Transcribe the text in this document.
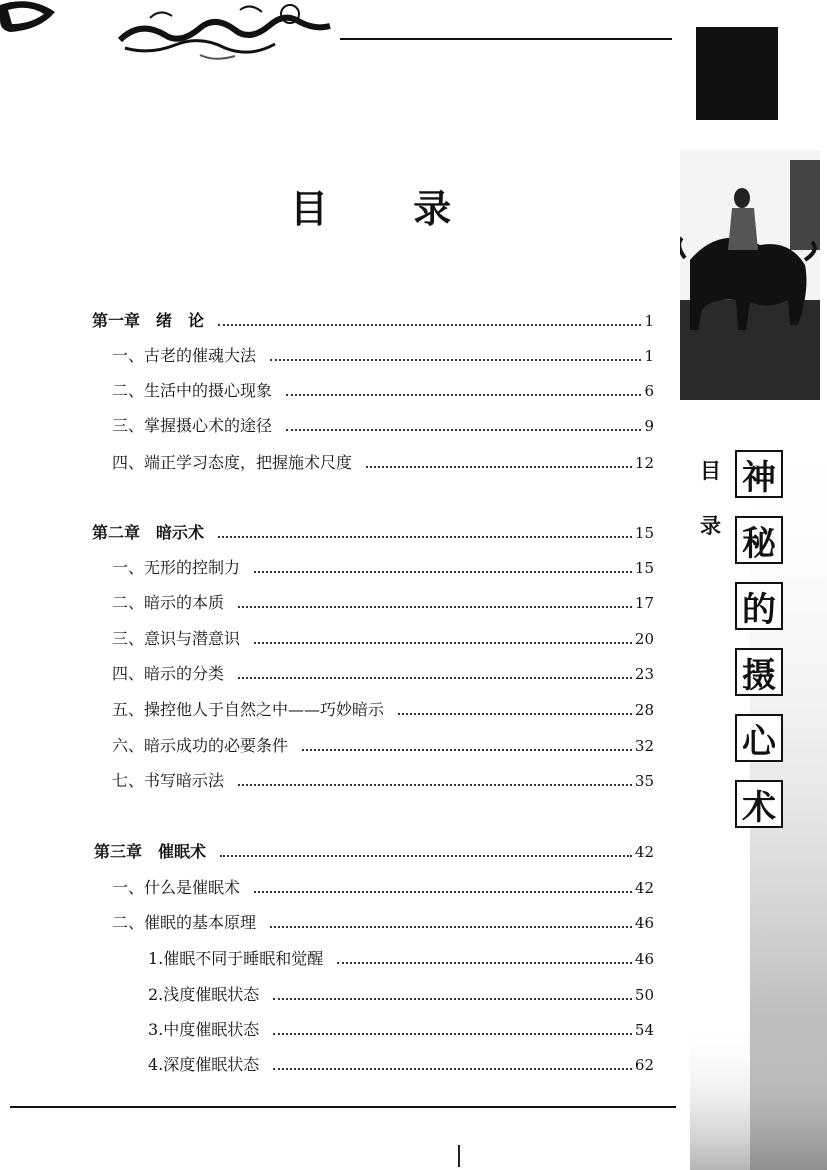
目
录
神
秘
的
摄
心
术
目 录
第一章　绪　论	1
一、古老的催魂大法	1
二、生活中的摄心现象	6
三、掌握摄心术的途径	9
四、端正学习态度，把握施术尺度	12
第二章　暗示术	15
一、无形的控制力	15
二、暗示的本质	17
三、意识与潜意识	20
四、暗示的分类	23
五、操控他人于自然之中——巧妙暗示	28
六、暗示成功的必要条件	32
七、书写暗示法	35
第三章　催眠术	42
一、什么是催眠术	42
二、催眠的基本原理	46
1.催眠不同于睡眠和觉醒	46
2.浅度催眠状态	50
3.中度催眠状态	54
4.深度催眠状态	62
